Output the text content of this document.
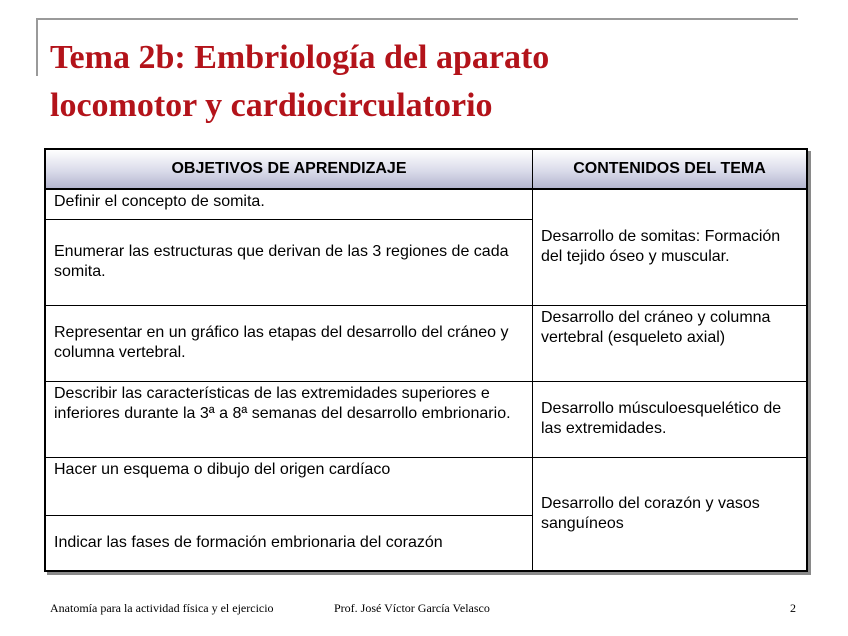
Tema 2b: Embriología del aparato
locomotor y cardiocirculatorio
OBJETIVOS DE APRENDIZAJE	CONTENIDOS DEL TEMA
Definir el concepto de somita.	Desarrollo de somitas: Formación del tejido óseo y muscular.
Enumerar las estructuras que derivan de las 3 regiones de cada somita.	
Representar en un gráfico las etapas del desarrollo del cráneo y columna vertebral.	Desarrollo del cráneo y columna vertebral (esqueleto axial)
Describir las características de las extremidades superiores e inferiores durante la 3ª a 8ª semanas del desarrollo embrionario.	Desarrollo músculoesquelético de las extremidades.
Hacer un esquema o dibujo del origen cardíaco	Desarrollo del corazón y vasos sanguíneos
Indicar las fases de formación embrionaria del corazón	
Anatomía para la actividad física y el ejercicio	Prof. José Víctor García Velasco	2
